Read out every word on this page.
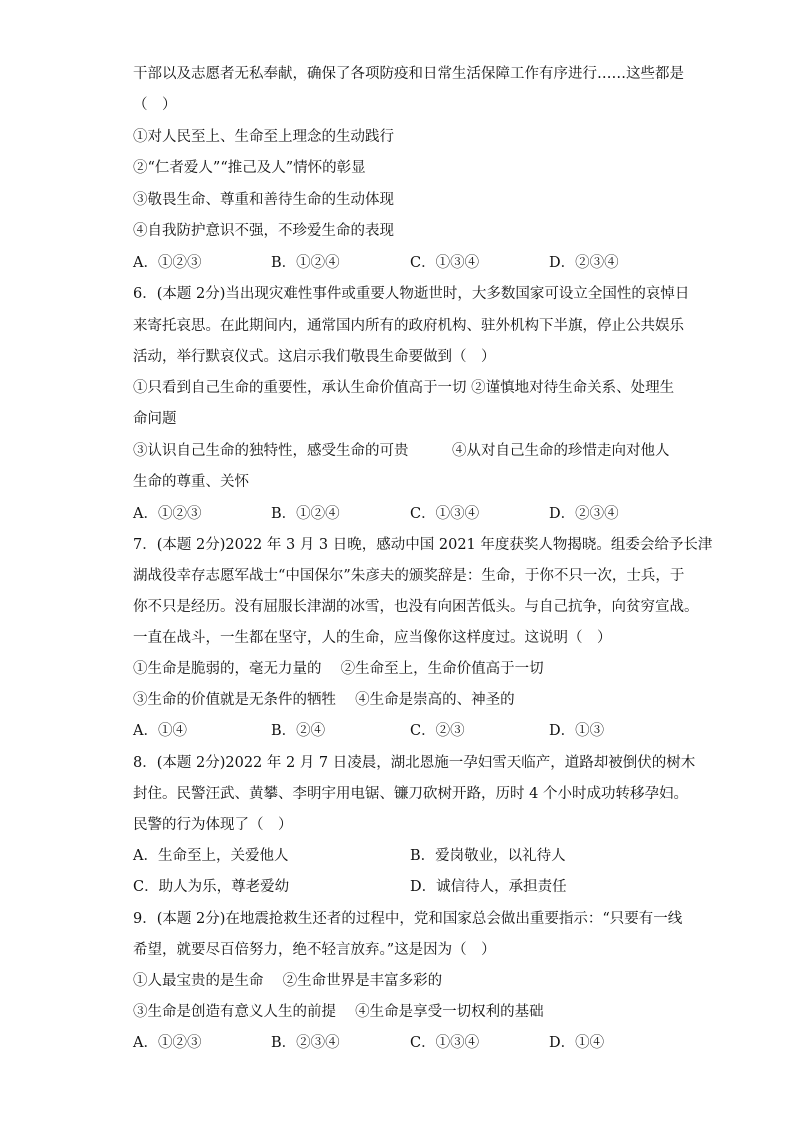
干部以及志愿者无私奉献，确保了各项防疫和日常生活保障工作有序进行……这些都是
（　）
①对人民至上、生命至上理念的生动践行
②“仁者爱人”“推己及人”情怀的彰显
③敬畏生命、尊重和善待生命的生动体现
④自我防护意识不强，不珍爱生命的表现
A．①②③	B．①②④	C．①③④	D．②③④
6．(本题 2分)当出现灾难性事件或重要人物逝世时，大多数国家可设立全国性的哀悼日
来寄托哀思。在此期间内，通常国内所有的政府机构、驻外机构下半旗，停止公共娱乐
活动，举行默哀仪式。这启示我们敬畏生命要做到（　）
①只看到自己生命的重要性，承认生命价值高于一切 ②谨慎地对待生命关系、处理生
命问题
③认识自己生命的独特性，感受生命的可贵　　　④从对自己生命的珍惜走向对他人
生命的尊重、关怀
A．①②③	B．①②④	C．①③④	D．②③④
7．(本题 2分)2022 年 3 月 3 日晚，感动中国 2021 年度获奖人物揭晓。组委会给予长津
湖战役幸存志愿军战士“中国保尔”朱彦夫的颁奖辞是：生命，于你不只一次，士兵，于
你不只是经历。没有屈服长津湖的冰雪，也没有向困苦低头。与自己抗争，向贫穷宣战。
一直在战斗，一生都在坚守，人的生命，应当像你这样度过。这说明（　）
①生命是脆弱的，毫无力量的　 ②生命至上，生命价值高于一切
③生命的价值就是无条件的牺牲　 ④生命是崇高的、神圣的
A．①④	B．②④	C．②③	D．①③
8．(本题 2分)2022 年 2 月 7 日凌晨，湖北恩施一孕妇雪天临产，道路却被倒伏的树木
封住。民警汪武、黄攀、李明宇用电锯、镰刀砍树开路，历时 4 个小时成功转移孕妇。
民警的行为体现了（　）
A．生命至上，关爱他人	B．爱岗敬业，以礼待人
C．助人为乐，尊老爱幼	D．诚信待人，承担责任
9．(本题 2分)在地震抢救生还者的过程中，党和国家总会做出重要指示：“只要有一线
希望，就要尽百倍努力，绝不轻言放弃。”这是因为（　）
①人最宝贵的是生命　 ②生命世界是丰富多彩的
③生命是创造有意义人生的前提　 ④生命是享受一切权利的基础
A．①②③	B．②③④	C．①③④	D．①④
